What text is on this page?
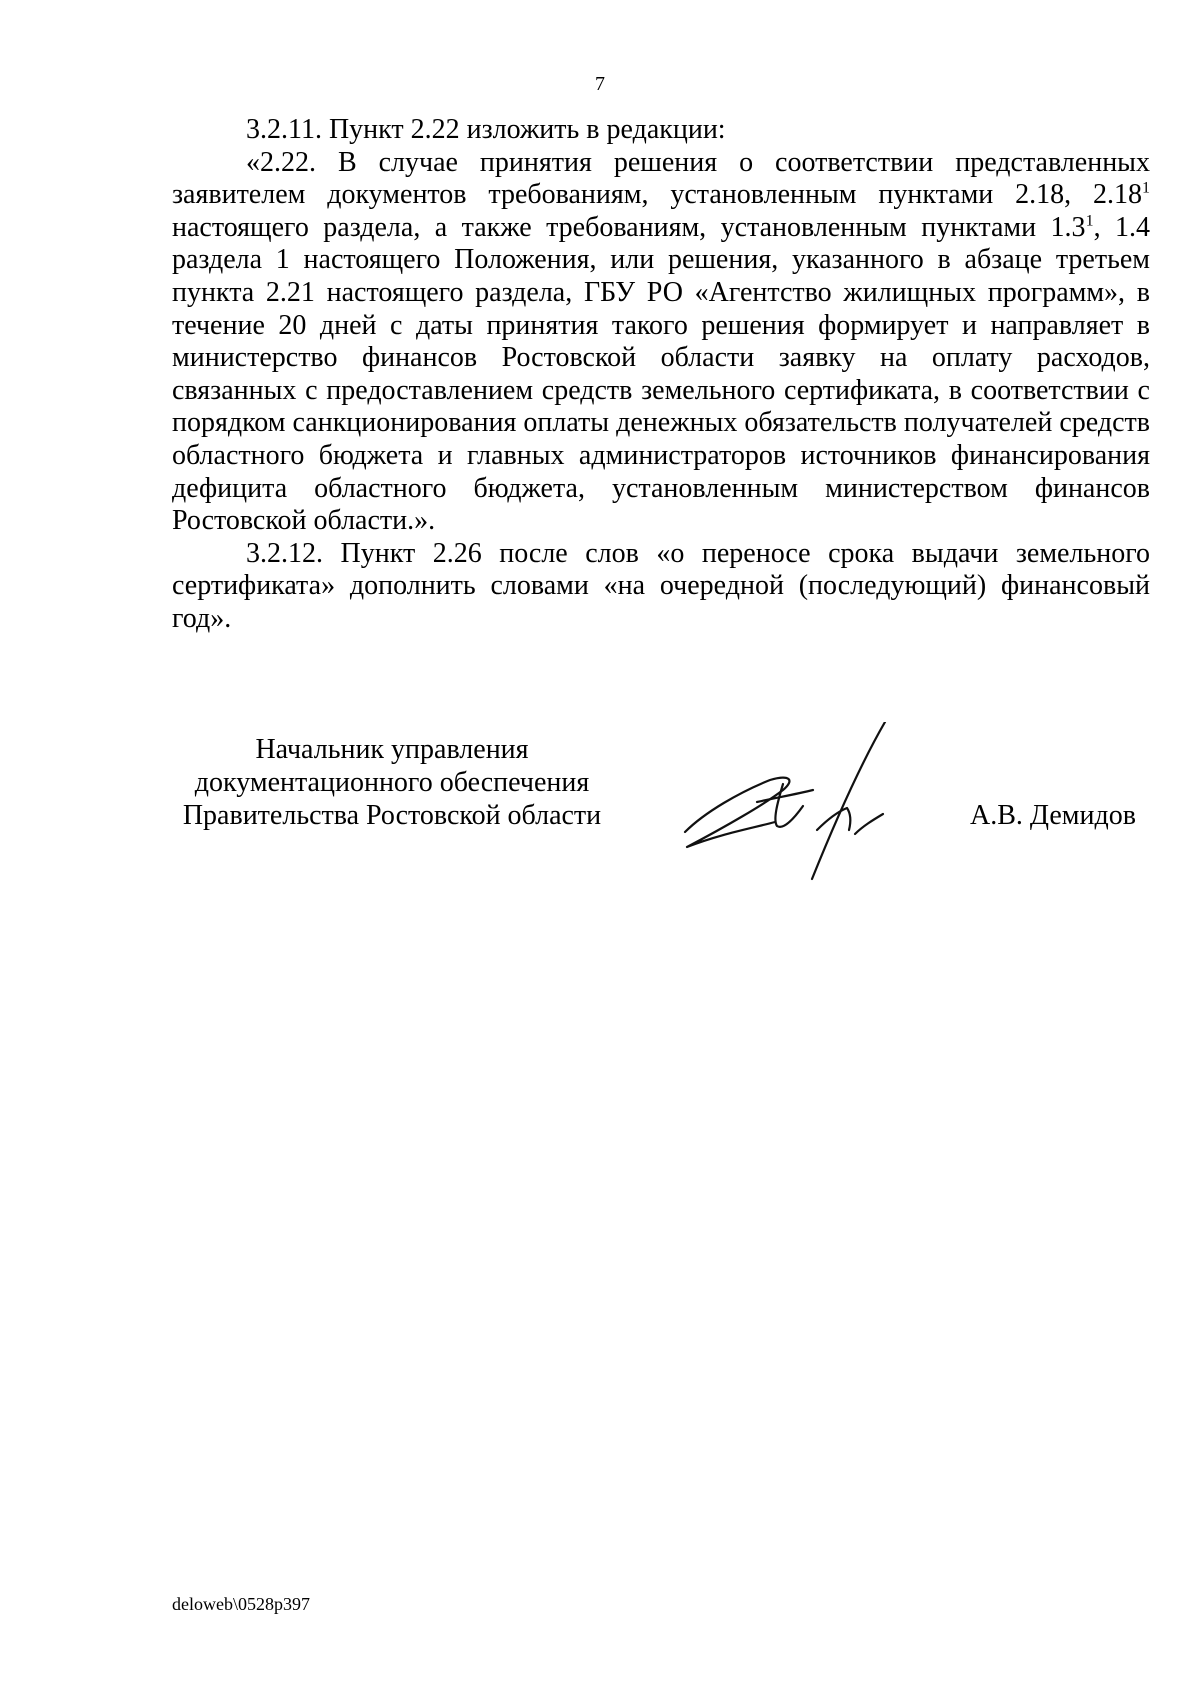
7

3.2.11. Пункт 2.22 изложить в редакции:

«2.22. В случае принятия решения о соответствии представленных заявителем документов требованиям, установленным пунктами 2.18, 2.18$^1$ настоящего раздела, а также требованиям, установленным пунктами $1.3^1$, 1.4 раздела 1 настоящего Положения, или решения, указанного в абзаце третьем пункта 2.21 настоящего раздела, ГБУ РО «Агентство жилищных программ», в течение 20 дней с даты принятия такого решения формирует и направляет в министерство финансов Ростовской области заявку на оплату расходов, связанных с предоставлением средств земельного сертификата, в соответствии с порядком санкционирования оплаты денежных обязательств получателей средств областного бюджета и главных администраторов источников финансирования дефицита областного бюджета, установленным министерством финансов Ростовской области.».

3.2.12. Пункт 2.26 после слов «о переносе срока выдачи земельного сертификата» дополнить словами «на очередной (последующий) финансовый год».

Начальник управления
документационного обеспечения
Правительства Ростовской области	А.В. Демидов
deloweb\0528p397
